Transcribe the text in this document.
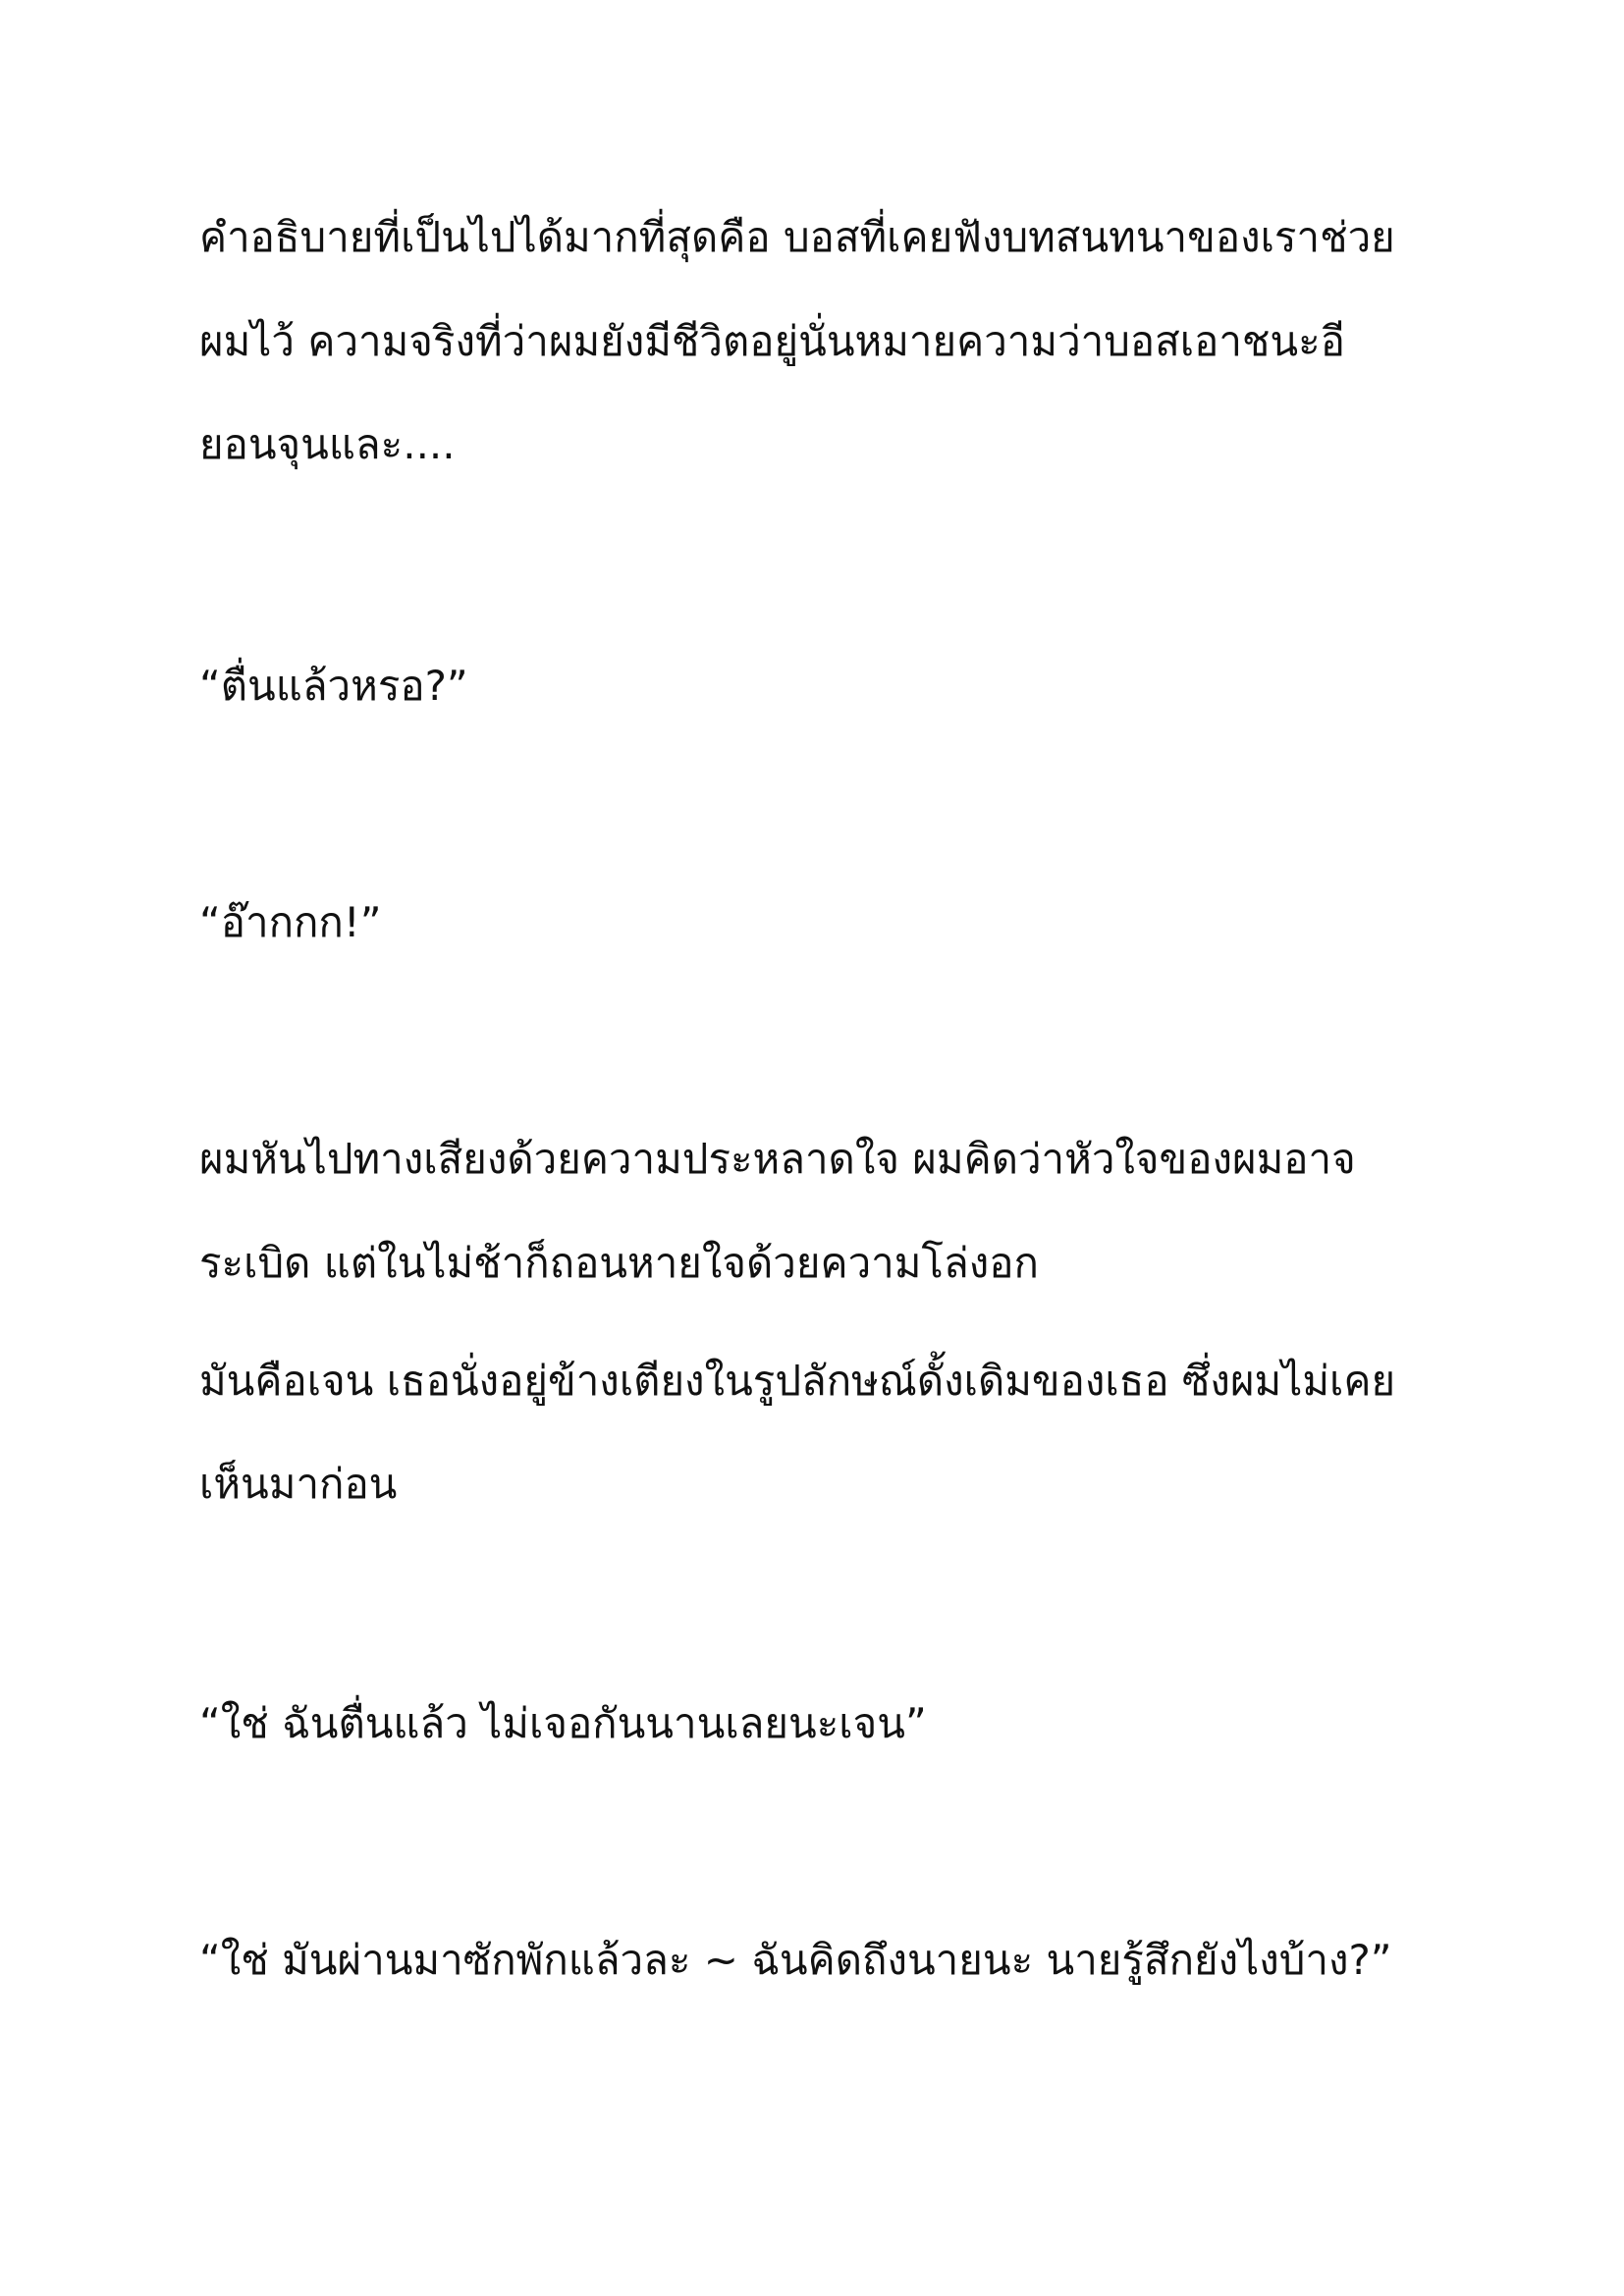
คำอธิบายที่เป็นไปได้มากที่สุดคือ บอสที่เคยฟังบทสนทนาของเราช่วย

ผมไว้ ความจริงที่ว่าผมยังมีชีวิตอยู่นั่นหมายความว่าบอสเอาชนะอี

ยอนจุนและ....

“ตื่นแล้วหรอ?”

“อ๊ากกก!”

ผมหันไปทางเสียงด้วยความประหลาดใจ ผมคิดว่าหัวใจของผมอาจ

ระเบิด แต่ในไม่ช้าก็ถอนหายใจด้วยความโล่งอก

มันคือเจน เธอนั่งอยู่ข้างเตียงในรูปลักษณ์ดั้งเดิมของเธอ ซึ่งผมไม่เคย

เห็นมาก่อน

“ใช่ ฉันตื่นแล้ว ไม่เจอกันนานเลยนะเจน”

“ใช่ มันผ่านมาซักพักแล้วละ ~ ฉันคิดถึงนายนะ นายรู้สึกยังไงบ้าง?”
